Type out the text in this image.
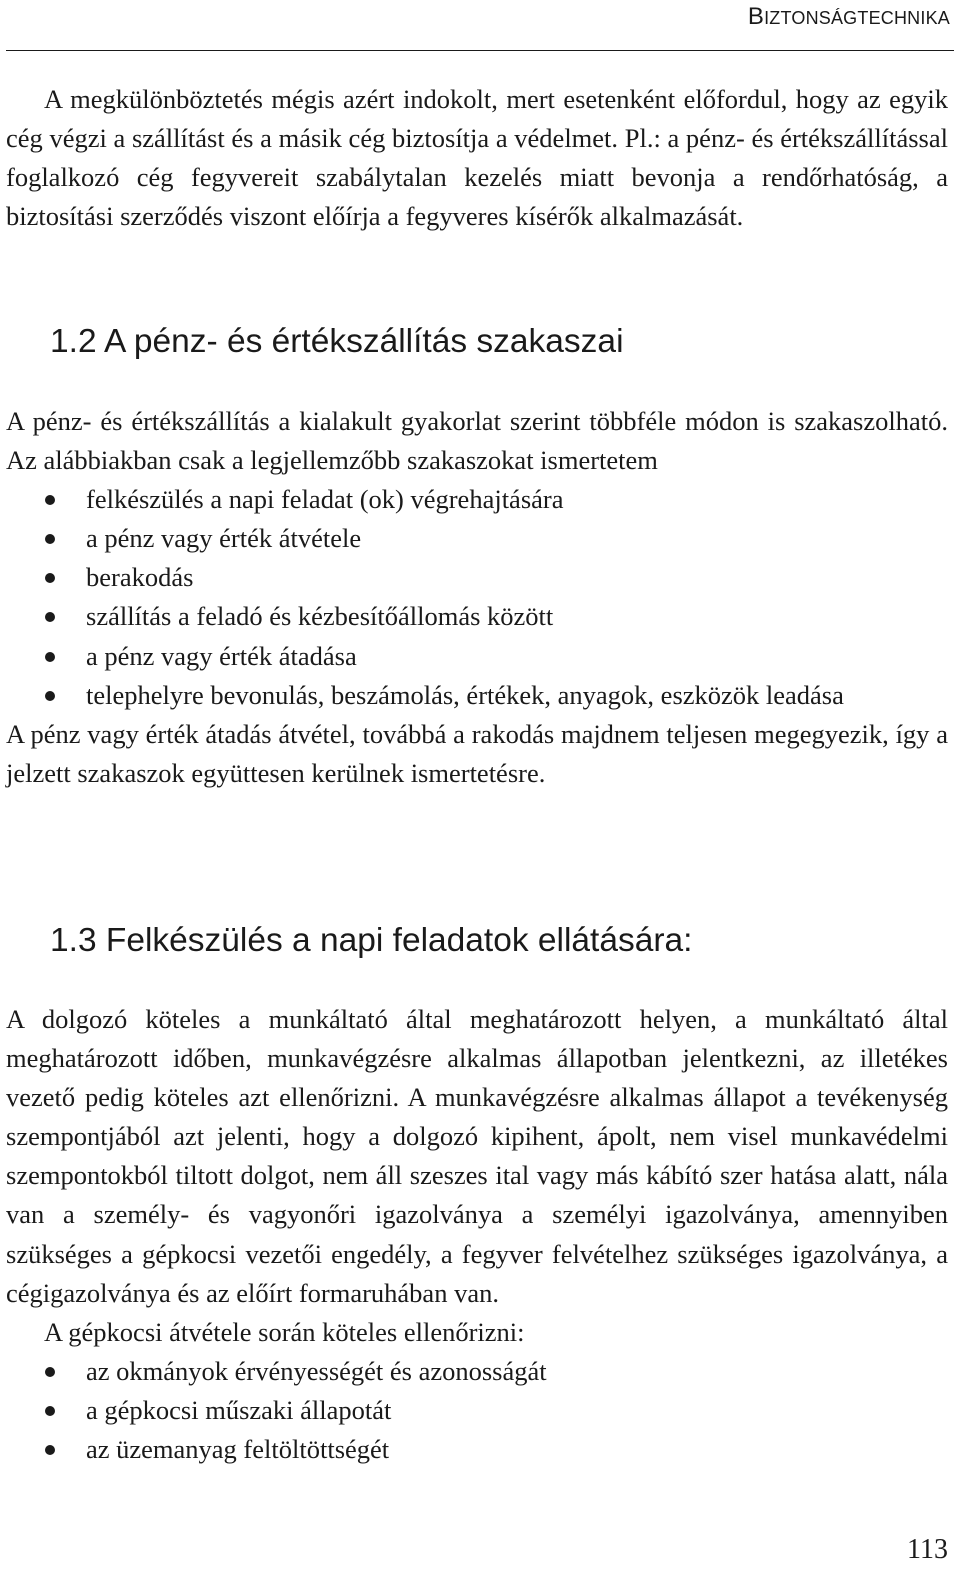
BIZTONSÁGTECHNIKA

A megkülönböztetés mégis azért indokolt, mert esetenként előfordul, hogy az egyik cég végzi a szállítást és a másik cég biztosítja a védelmet. Pl.: a pénz- és értékszállítással foglalkozó cég fegyvereit szabálytalan kezelés miatt bevonja a rendőrhatóság, a biztosítási szerződés viszont előírja a fegyveres kísérők alkalmazását.

1.2 A pénz- és értékszállítás szakaszai

A pénz- és értékszállítás a kialakult gyakorlat szerint többféle módon is szakaszolható. Az alábbiakban csak a legjellemzőbb szakaszokat ismertetem

felkészülés a napi feladat (ok) végrehajtására
a pénz vagy érték átvétele
berakodás
szállítás a feladó és kézbesítőállomás között
a pénz vagy érték átadása
telephelyre bevonulás, beszámolás, értékek, anyagok, eszközök leadása

A pénz vagy érték átadás átvétel, továbbá a rakodás majdnem teljesen megegyezik, így a jelzett szakaszok együttesen kerülnek ismertetésre.

1.3 Felkészülés a napi feladatok ellátására:

A dolgozó köteles a munkáltató által meghatározott helyen, a munkáltató által meghatározott időben, munkavégzésre alkalmas állapotban jelentkezni, az illetékes vezető pedig köteles azt ellenőrizni. A munkavégzésre alkalmas állapot a tevékenység szempontjából azt jelenti, hogy a dolgozó kipihent, ápolt, nem visel munkavédelmi szempontokból tiltott dolgot, nem áll szeszes ital vagy más kábító szer hatása alatt, nála van a személy- és vagyonőri igazolványa a személyi igazolványa, amennyiben szükséges a gépkocsi vezetői engedély, a fegyver felvételhez szükséges igazolványa, a cégigazolványa és az előírt formaruhában van.

A gépkocsi átvétele során köteles ellenőrizni:

az okmányok érvényességét és azonosságát
a gépkocsi műszaki állapotát
az üzemanyag feltöltöttségét
113
